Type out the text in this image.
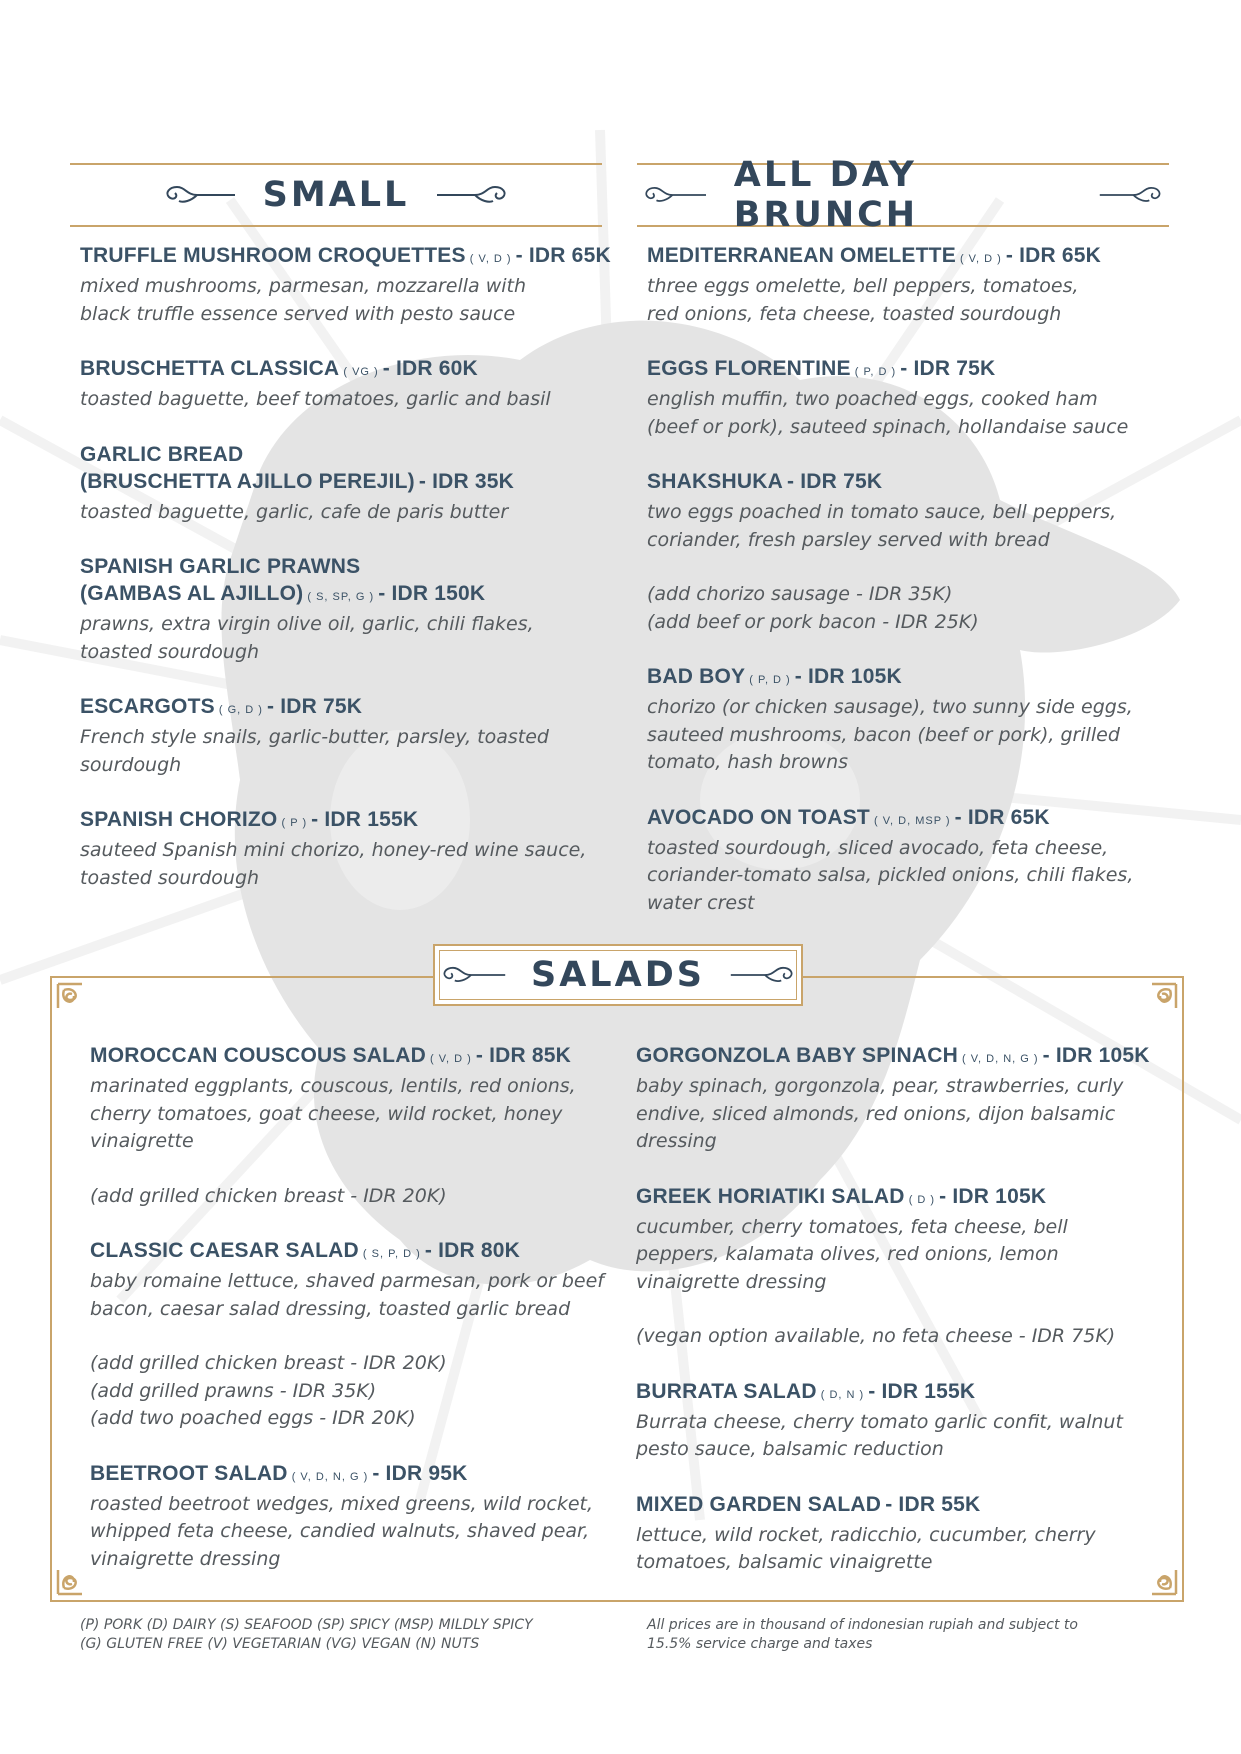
SMALL	ALL DAY BRUNCH
TRUFFLE MUSHROOM CROQUETTES ( V, D ) - IDR 65K
mixed mushrooms, parmesan, mozzarella with
black truffle essence served with pesto sauce
BRUSCHETTA CLASSICA ( VG ) - IDR 60K
toasted baguette, beef tomatoes, garlic and basil
GARLIC BREAD
(BRUSCHETTA AJILLO PEREJIL) - IDR 35K
toasted baguette, garlic, cafe de paris butter
SPANISH GARLIC PRAWNS
(GAMBAS AL AJILLO) ( S, SP, G ) - IDR 150K
prawns, extra virgin olive oil, garlic, chili flakes,
toasted sourdough
ESCARGOTS ( G, D ) - IDR 75K
French style snails, garlic-butter, parsley, toasted
sourdough
SPANISH CHORIZO ( P ) - IDR 155K
sauteed Spanish mini chorizo, honey-red wine sauce,
toasted sourdough
MEDITERRANEAN OMELETTE ( V, D ) - IDR 65K
three eggs omelette, bell peppers, tomatoes,
red onions, feta cheese, toasted sourdough
EGGS FLORENTINE ( P, D ) - IDR 75K
english muffin, two poached eggs, cooked ham
(beef or pork), sauteed spinach, hollandaise sauce
SHAKSHUKA - IDR 75K
two eggs poached in tomato sauce, bell peppers,
coriander, fresh parsley served with bread
(add chorizo sausage - IDR 35K)
(add beef or pork bacon - IDR 25K)
BAD BOY ( P, D ) - IDR 105K
chorizo (or chicken sausage), two sunny side eggs,
sauteed mushrooms, bacon (beef or pork), grilled
tomato, hash browns
AVOCADO ON TOAST ( V, D, MSP ) - IDR 65K
toasted sourdough, sliced avocado, feta cheese,
coriander-tomato salsa, pickled onions, chili flakes,
water crest
SALADS
MOROCCAN COUSCOUS SALAD ( V, D ) - IDR 85K
marinated eggplants, couscous, lentils, red onions,
cherry tomatoes, goat cheese, wild rocket, honey
vinaigrette
(add grilled chicken breast - IDR 20K)
CLASSIC CAESAR SALAD ( S, P, D ) - IDR 80K
baby romaine lettuce, shaved parmesan, pork or beef
bacon, caesar salad dressing, toasted garlic bread
(add grilled chicken breast - IDR 20K)
(add grilled prawns - IDR 35K)
(add two poached eggs - IDR 20K)
BEETROOT SALAD ( V, D, N, G ) - IDR 95K
roasted beetroot wedges, mixed greens, wild rocket,
whipped feta cheese, candied walnuts, shaved pear,
vinaigrette dressing
GORGONZOLA BABY SPINACH ( V, D, N, G ) - IDR 105K
baby spinach, gorgonzola, pear, strawberries, curly
endive, sliced almonds, red onions, dijon balsamic
dressing
GREEK HORIATIKI SALAD ( D ) - IDR 105K
cucumber, cherry tomatoes, feta cheese, bell
peppers, kalamata olives, red onions, lemon
vinaigrette dressing
(vegan option available, no feta cheese - IDR 75K)
BURRATA SALAD ( D, N ) - IDR 155K
Burrata cheese, cherry tomato garlic confit, walnut
pesto sauce, balsamic reduction
MIXED GARDEN SALAD - IDR 55K
lettuce, wild rocket, radicchio, cucumber, cherry
tomatoes, balsamic vinaigrette
(P) PORK (D) DAIRY (S) SEAFOOD (SP) SPICY (MSP) MILDLY SPICY
(G) GLUTEN FREE (V) VEGETARIAN (VG) VEGAN (N) NUTS
All prices are in thousand of indonesian rupiah and subject to
15.5% service charge and taxes
